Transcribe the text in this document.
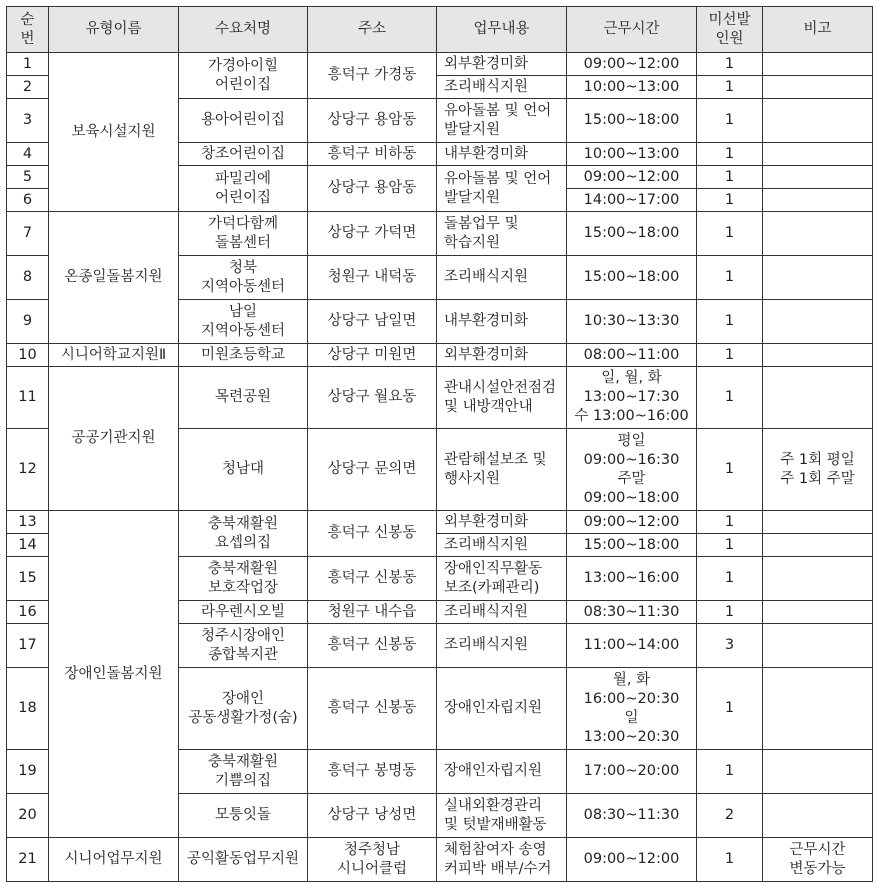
순
번	유형이름	수요처명	주소	업무내용	근무시간	미선발
인원	비고
1	보육시설지원	가경아이힐
어린이집	흥덕구 가경동	외부환경미화	09:00~12:00	1	
2				조리배식지원	10:00~13:00	1	
3		용아어린이집	상당구 용암동	유아돌봄 및 언어
발달지원	15:00~18:00	1	
4		창조어린이집	흥덕구 비하동	내부환경미화	10:00~13:00	1	
5		파밀리에
어린이집	상당구 용암동	유아돌봄 및 언어
발달지원	09:00~12:00	1	
6					14:00~17:00	1	
7	온종일돌봄지원	가덕다함께
돌봄센터	상당구 가덕면	돌봄업무 및
학습지원	15:00~18:00	1	
8		청북
지역아동센터	청원구 내덕동	조리배식지원	15:00~18:00	1	
9		남일
지역아동센터	상당구 남일면	내부환경미화	10:30~13:30	1	
10	시니어학교지원Ⅱ	미원초등학교	상당구 미원면	외부환경미화	08:00~11:00	1	
11	공공기관지원	목련공원	상당구 월요동	관내시설안전점검
및 내방객안내	일, 월, 화
13:00~17:30
수 13:00~16:00	1	
12		청남대	상당구 문의면	관람해설보조 및
행사지원	평일
09:00~16:30
주말
09:00~18:00	1	주 1회 평일
주 1회 주말
13	장애인돌봄지원	충북재활원
요셉의집	흥덕구 신봉동	외부환경미화	09:00~12:00	1	
14				조리배식지원	15:00~18:00	1	
15		충북재활원
보호작업장	흥덕구 신봉동	장애인직무활동
보조(카페관리)	13:00~16:00	1	
16		라우렌시오빌	청원구 내수읍	조리배식지원	08:30~11:30	1	
17		청주시장애인
종합복지관	흥덕구 신봉동	조리배식지원	11:00~14:00	3	
18		장애인
공동생활가정(숨)	흥덕구 신봉동	장애인자립지원	월, 화
16:00~20:30
일
13:00~20:30	1	
19		충북재활원
기쁨의집	흥덕구 봉명동	장애인자립지원	17:00~20:00	1	
20		모퉁잇돌	상당구 낭성면	실내외환경관리
및 텃밭재배활동	08:30~11:30	2	
21	시니어업무지원	공익활동업무지원	청주청남
시니어클럽	체험참여자 송영
커피박 배부/수거	09:00~12:00	1	근무시간
변동가능
